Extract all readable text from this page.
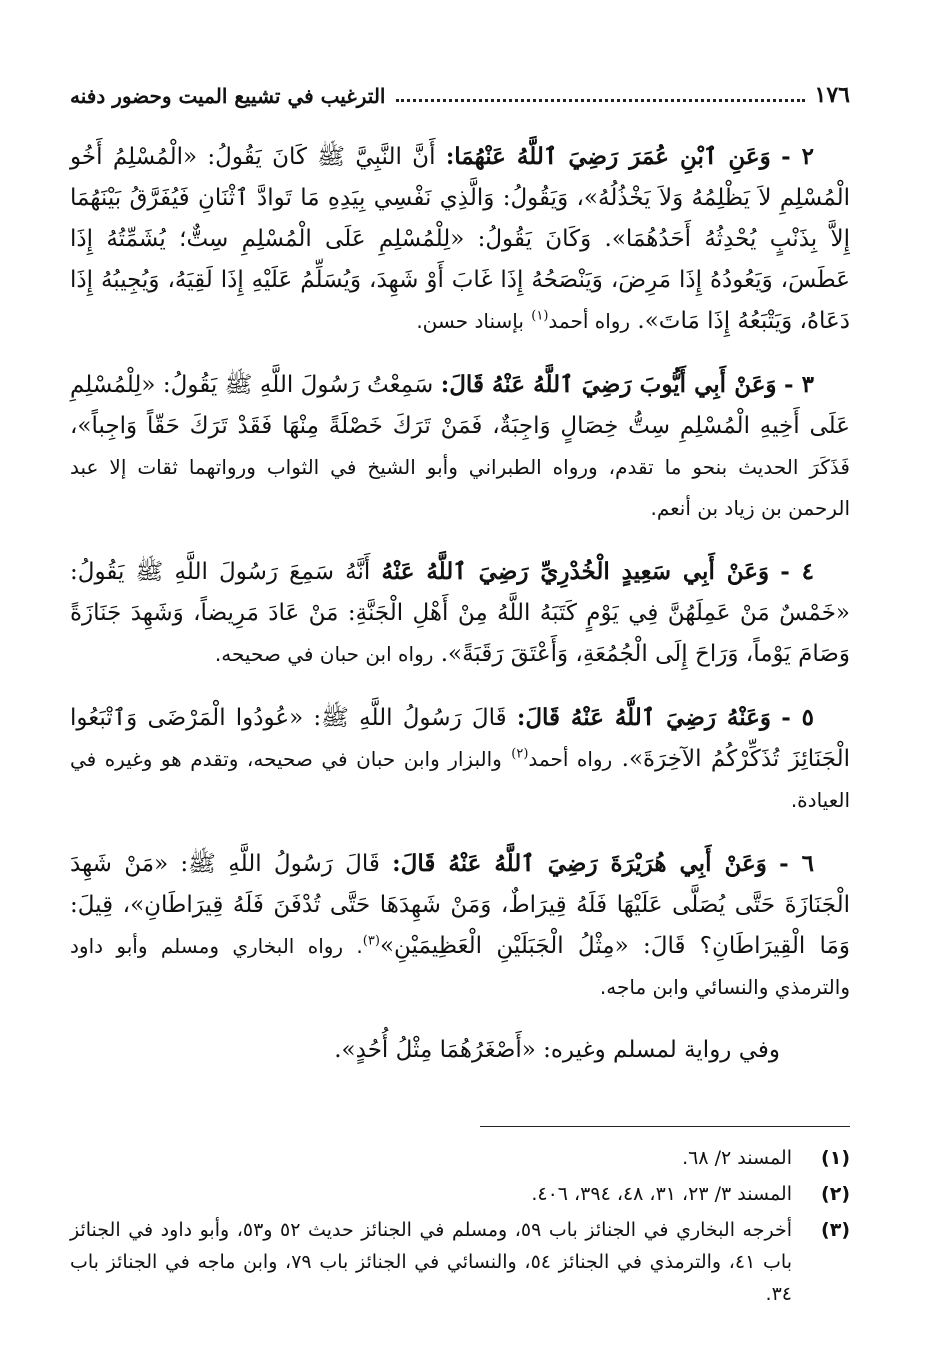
١٧٦
الترغيب في تشييع الميت وحضور دفنه

٢ - وَعَنِ ٱبْنِ عُمَرَ رَضِيَ ٱللَّهُ عَنْهُمَا: أَنَّ النَّبِيَّ ﷺ كَانَ يَقُولُ: «الْمُسْلِمُ أَخُو الْمُسْلِمِ لاَ يَظْلِمُهُ وَلاَ يَخْذُلُهُ»، وَيَقُولُ: وَالَّذِي نَفْسِي بِيَدِهِ مَا تَوادَّ ٱثْنَانِ فَيُفَرَّقُ بَيْنَهُمَا إِلاَّ بِذَنْبٍ يُحْدِثُهُ أَحَدُهُمَا». وَكَانَ يَقُولُ: «لِلْمُسْلِمِ عَلَى الْمُسْلِمِ سِتٌّ؛ يُشَمِّتُهُ إِذَا عَطَسَ، وَيَعُودُهُ إِذَا مَرِضَ، وَيَنْصَحُهُ إِذَا غَابَ أَوْ شَهِدَ، وَيُسَلِّمُ عَلَيْهِ إِذَا لَقِيَهُ، وَيُجِيبُهُ إِذَا دَعَاهُ، وَيَتْبَعُهُ إِذَا مَاتَ». رواه أحمد$^{(١)}$ بإسناد حسن.

٣ - وَعَنْ أَبِي أَيُّوبَ رَضِيَ ٱللَّهُ عَنْهُ قَالَ: سَمِعْتُ رَسُولَ اللَّهِ ﷺ يَقُولُ: «لِلْمُسْلِمِ عَلَى أَخِيهِ الْمُسْلِمِ سِتُّ خِصَالٍ وَاجِبَةٌ، فَمَنْ تَرَكَ خَصْلَةً مِنْهَا فَقَدْ تَرَكَ حَقّاً وَاجِباً»، فَذَكَرَ الحديث بنحو ما تقدم، ورواه الطبراني وأبو الشيخ في الثواب ورواتهما ثقات إلا عبد الرحمن بن زياد بن أنعم.

٤ - وَعَنْ أَبِي سَعِيدٍ الْخُدْرِيِّ رَضِيَ ٱللَّهُ عَنْهُ أَنَّهُ سَمِعَ رَسُولَ اللَّهِ ﷺ يَقُولُ: «خَمْسٌ مَنْ عَمِلَهُنَّ فِي يَوْمٍ كَتَبَهُ اللَّهُ مِنْ أَهْلِ الْجَنَّةِ: مَنْ عَادَ مَرِيضاً، وَشَهِدَ جَنَازَةً وَصَامَ يَوْماً، وَرَاحَ إِلَى الْجُمُعَةِ، وَأَعْتَقَ رَقَبَةً». رواه ابن حبان في صحيحه.

٥ - وَعَنْهُ رَضِيَ ٱللَّهُ عَنْهُ قَالَ: قَالَ رَسُولُ اللَّهِ ﷺ: «عُودُوا الْمَرْضَى وَٱتْبَعُوا الْجَنَائِزَ تُذَكِّرْكُمُ الآخِرَةَ». رواه أحمد$^{(٢)}$ والبزار وابن حبان في صحيحه، وتقدم هو وغيره في العيادة.

٦ - وَعَنْ أَبِي هُرَيْرَةَ رَضِيَ ٱللَّهُ عَنْهُ قَالَ: قَالَ رَسُولُ اللَّهِ ﷺ: «مَنْ شَهِدَ الْجَنَازَةَ حَتَّى يُصَلَّى عَلَيْهَا فَلَهُ قِيرَاطٌ، وَمَنْ شَهِدَهَا حَتَّى تُدْفَنَ فَلَهُ قِيرَاطَانِ»، قِيلَ: وَمَا الْقِيرَاطَانِ؟ قَالَ: «مِثْلُ الْجَبَلَيْنِ الْعَظِيمَيْنِ»$^{(٣)}$. رواه البخاري ومسلم وأبو داود والترمذي والنسائي وابن ماجه.

وفي رواية لمسلم وغيره: «أَصْغَرُهُمَا مِثْلُ أُحُدٍ».

(١)
المسند ٢/ ٦٨.
(٢)
المسند ٣/ ٢٣، ٣١، ٤٨، ٣٩٤، ٤٠٦.
(٣)
أخرجه البخاري في الجنائز باب ٥٩، ومسلم في الجنائز حديث ٥٢ و٥٣، وأبو داود في الجنائز باب ٤١، والترمذي في الجنائز ٥٤، والنسائي في الجنائز باب ٧٩، وابن ماجه في الجنائز باب ٣٤.
